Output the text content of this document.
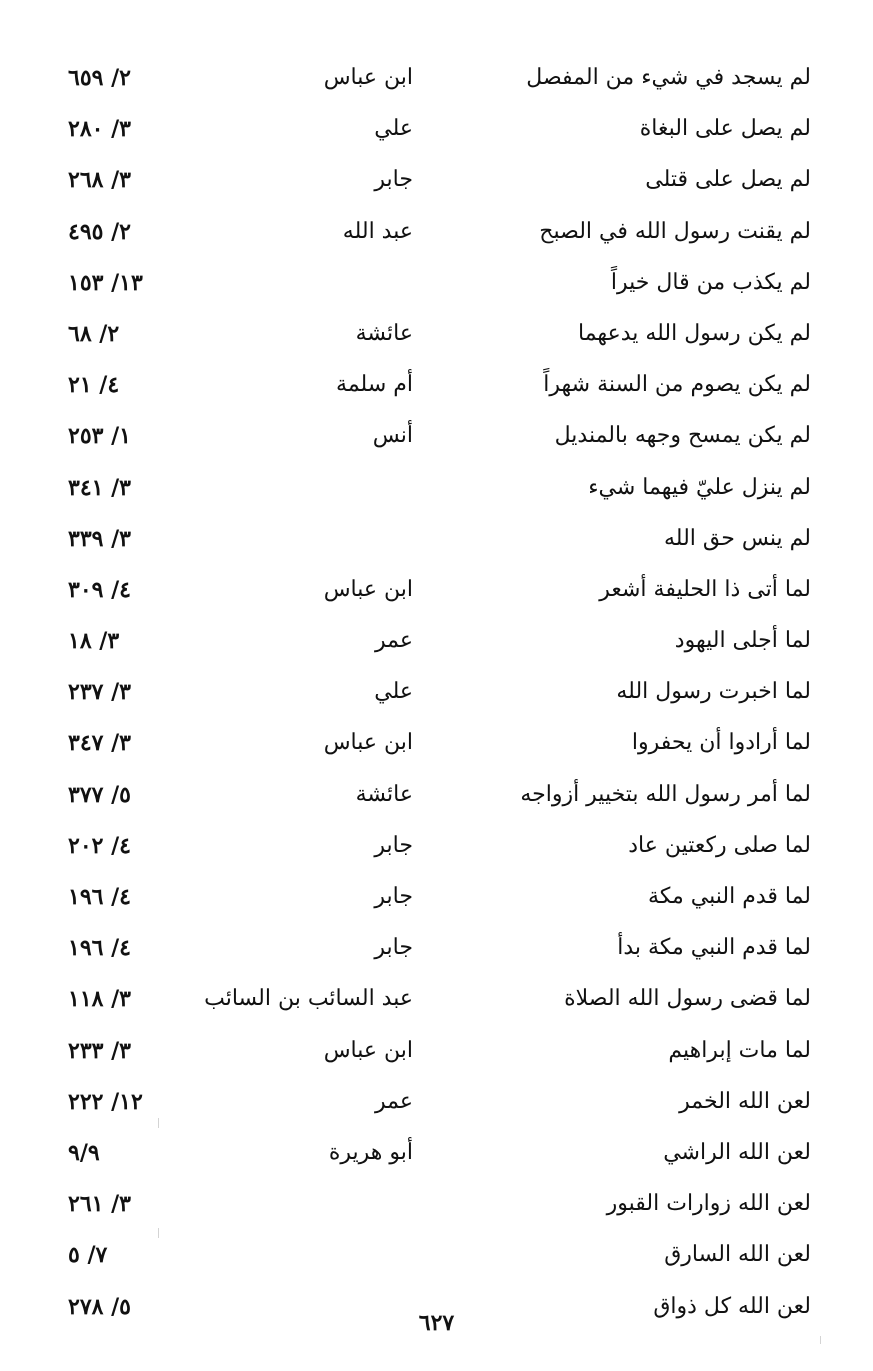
لم يسجد في شيء من المفصل
ابن عباس
٢/ ٦٥٩
لم يصل على البغاة
علي
٣/ ٢٨٠
لم يصل على قتلى
جابر
٣/ ٢٦٨
لم يقنت رسول الله في الصبح
عبد الله
٢/ ٤٩٥
لم يكذب من قال خيراً
١٣/ ١٥٣
لم يكن رسول الله يدعهما
عائشة
٢/ ٦٨
لم يكن يصوم من السنة شهراً
أم سلمة
٤/ ٢١
لم يكن يمسح وجهه بالمنديل
أنس
١/ ٢٥٣
لم ينزل عليّ فيهما شيء
٣/ ٣٤١
لم ينس حق الله
٣/ ٣٣٩
لما أتى ذا الحليفة أشعر
ابن عباس
٤/ ٣٠٩
لما أجلى اليهود
عمر
٣/ ١٨
لما اخبرت رسول الله
علي
٣/ ٢٣٧
لما أرادوا أن يحفروا
ابن عباس
٣/ ٣٤٧
لما أمر رسول الله بتخيير أزواجه
عائشة
٥/ ٣٧٧
لما صلى ركعتين عاد
جابر
٤/ ٢٠٢
لما قدم النبي مكة
جابر
٤/ ١٩٦
لما قدم النبي مكة بدأ
جابر
٤/ ١٩٦
لما قضى رسول الله الصلاة
عبد السائب بن السائب
٣/ ١١٨
لما مات إبراهيم
ابن عباس
٣/ ٢٣٣
لعن الله الخمر
عمر
١٢/ ٢٢٢
لعن الله الراشي
أبو هريرة
٩/٩
لعن الله زوارات القبور
٣/ ٢٦١
لعن الله السارق
٧/ ٥
لعن الله كل ذواق
٥/ ٢٧٨
٦٢٧
